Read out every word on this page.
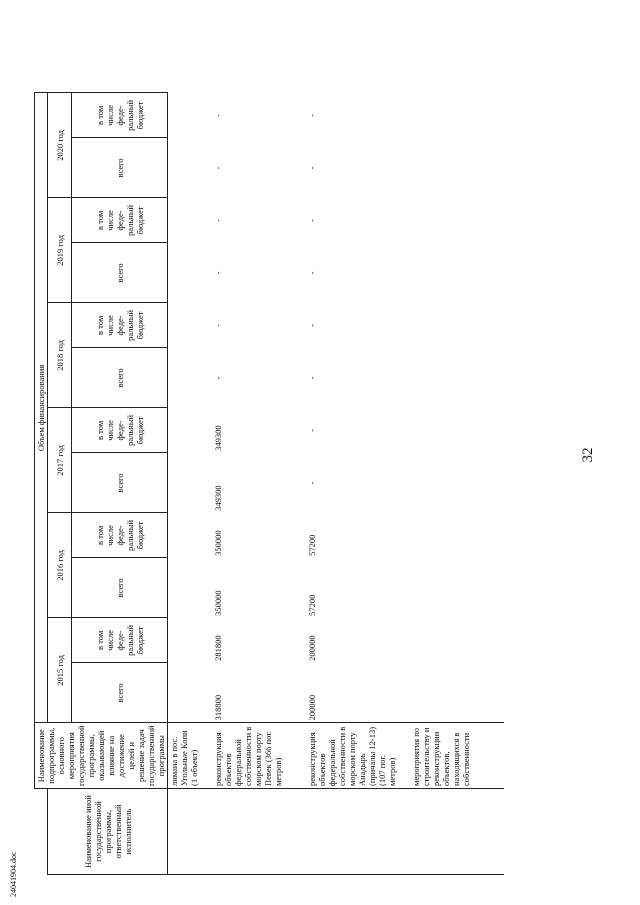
32
24041904.doc
	Наименование подпрограммы, основного мероприятия государственной программы, оказывающей влияние на достижение целей и решение задач государственной программы	Объем финансирования											
Наименование иной государственной программы, ответственный исполнитель		2015 год		2016 год		2017 год		2018 год		2019 год		2020 год	
		всего	в том числе феде-ральный бюджет	всего	в том числе феде-ральный бюджет	всего	в том числе феде-ральный бюджет	всего	в том числе феде-ральный бюджет	всего	в том числе феде-ральный бюджет	всего	в том числе феде-ральный бюджет
	лимана в пос. Угольные Копи (1 объект)												
	реконструкция объектов федеральной собственности в морском порту Певек (366 пог. метров)	318800	281800	350000	350000	349300	349300	-	-	-	-	-	-
	реконструкция объектов федеральной собственности в морском порту Анадырь (причалы 12-13) (107 пог. метров)	200000	200000	57200	57200	-	-	-	-	-	-	-	-
	мероприятия по строительству и реконструкции объектов, находящихся в собственности												
